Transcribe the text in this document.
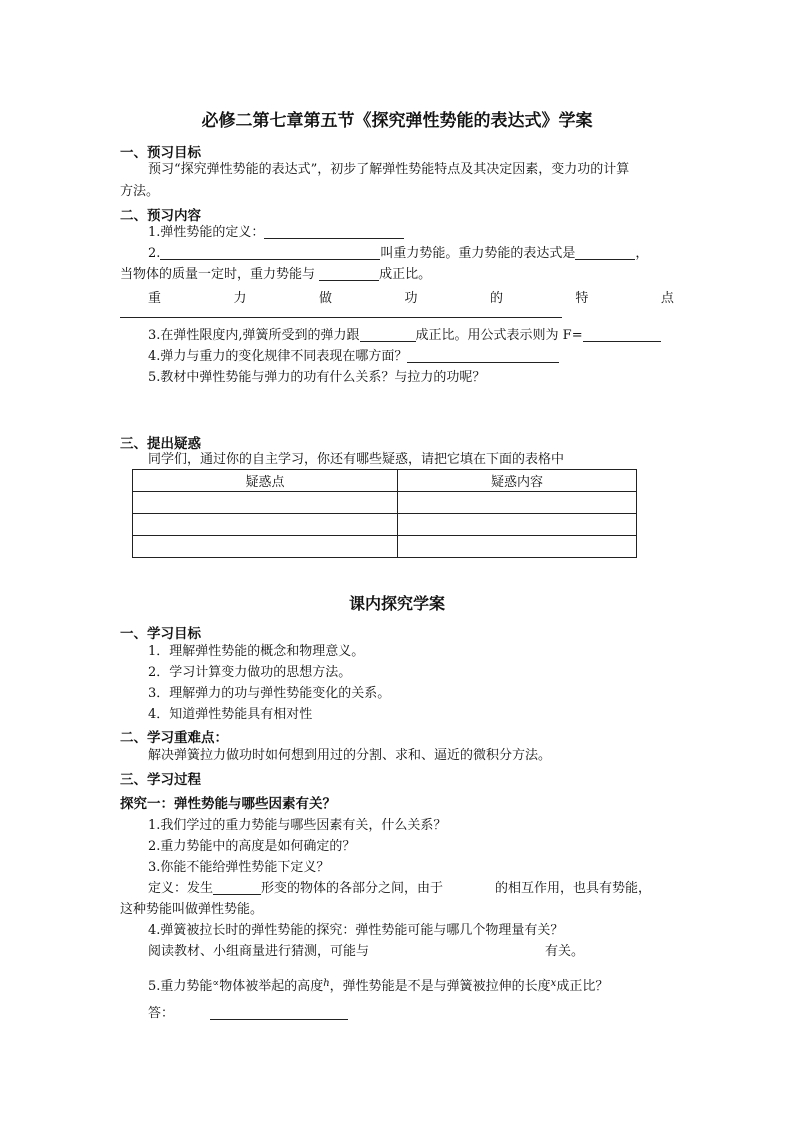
必修二第七章第五节《探究弹性势能的表达式》学案
一、预习目标
预习“探究弹性势能的表达式”，初步了解弹性势能特点及其决定因素，变力功的计算
方法。
二、预习内容
1.弹性势能的定义：
2.	叫重力势能。重力势能的表达式是	，
当物体的质量一定时，重力势能与	成正比。
重	力	做	功	的	特	点
3.在弹性限度内,弹簧所受到的弹力跟	成正比。用公式表示则为 F=
4.弹力与重力的变化规律不同表现在哪方面？
5.教材中弹性势能与弹力的功有什么关系？与拉力的功呢？
三、提出疑惑
同学们，通过你的自主学习，你还有哪些疑惑，请把它填在下面的表格中
疑惑点	疑惑内容

课内探究学案
一、学习目标
1．理解弹性势能的概念和物理意义。
2．学习计算变力做功的思想方法。
3．理解弹力的功与弹性势能变化的关系。
4．知道弹性势能具有相对性
二、学习重难点：
解决弹簧拉力做功时如何想到用过的分割、求和、逼近的微积分方法。
三、学习过程
探究一：弹性势能与哪些因素有关？
1.我们学过的重力势能与哪些因素有关，什么关系？
2.重力势能中的高度是如何确定的？
3.你能不能给弹性势能下定义？
定义：发生	形变的物体的各部分之间，由于	的相互作用，也具有势能，
这种势能叫做弹性势能。
4.弹簧被拉长时的弹性势能的探究：弹性势能可能与哪几个物理量有关？
阅读教材、小组商量进行猜测，可能与	有关。
5.重力势能∝物体被举起的高度$^h$，弹性势能是不是与弹簧被拉伸的长度$^x$成正比？
答：
